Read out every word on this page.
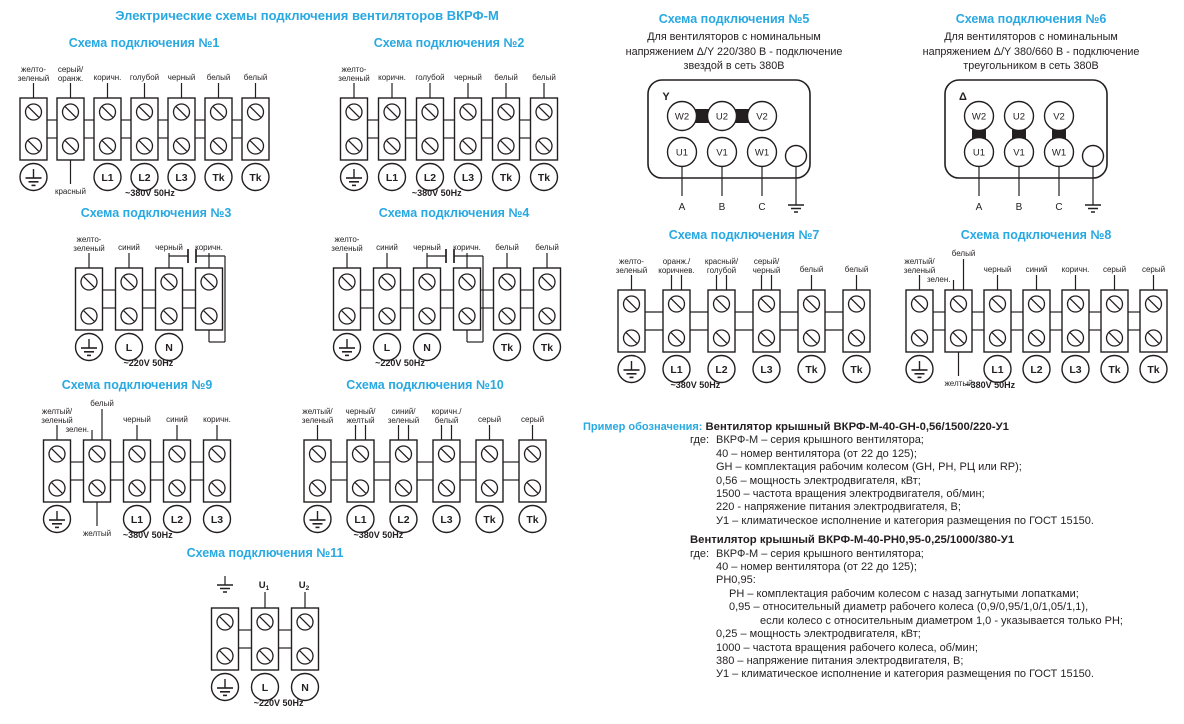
Электрические схемы подключения вентиляторов ВКРФ-М
Схема подключения №1
желто-
зеленый
серый/
оранж. коричн. голубой черный белый белый
красный
L1 L2 L3 Tk Tk
~380V 50Hz
Схема подключения №2
желто-
зеленый коричн. голубой черный белый белый
L1 L2 L3 Tk Tk
~380V 50Hz
Схема подключения №3
желто-
зеленый синий черный коричн.
L	N
~220V 50Hz
Схема подключения №4
желто-
зеленый синий черный коричн. белый белый
L	N	Tk	Tk
~220V 50Hz
Схема подключения №5
Для вентиляторов с номинальным
напряжением Δ/Y 220/380 В - подключение
звездой в сеть 380В
Y
W2	U2	V2
U1	V1	W1
A	B	C
Схема подключения №6
Для вентиляторов с номинальным
напряжением Δ/Y 380/660 В - подключение
треугольником в сеть 380В
Δ
W2	U2	V2
U1	V1	W1
A	B	C
Схема подключения №7
желто-
зеленый
оранж./
коричнев.
красный/
голубой
серый/
черный белый	белый
L1	L2	L3	Tk	Tk
~380V 50Hz
Схема подключения №8
желтый/
зеленый
зелен.
белый
черный синий коричн. серый серый
желтый
L1	L2	L3	Tk	Tk
~380V 50Hz
Схема подключения №9
желтый/
зеленый
зелен.
белый
черный синий коричн.
желтый
L1	L2	L3
~380V 50Hz
Схема подключения №10
желтый/
зеленый
черный/
желтый
синий/
зеленый
коричн./
белый серый серый
L1	L2	L3	Tk	Tk
~380V 50Hz
Схема подключения №11
$U_1$	$U_2$
L	N
~220V 50Hz
Пример обозначения: Вентилятор крышный ВКРФ-М-40-GH-0,56/1500/220-У1
где: ВКРФ-М – серия крышного вентилятора;
40 – номер вентилятора (от 22 до 125);
GH – комплектация рабочим колесом (GH, РН, РЦ или RP);
0,56 – мощность электродвигателя, кВт;
1500 – частота вращения электродвигателя, об/мин;
220 - напряжение питания электродвигателя, В;
У1 – климатическое исполнение и категория размещения по ГОСТ 15150.
Вентилятор крышный ВКРФ-М-40-РН0,95-0,25/1000/380-У1
где: ВКРФ-М – серия крышного вентилятора;
40 – номер вентилятора (от 22 до 125);
РН0,95:
РН – комплектация рабочим колесом с назад загнутыми лопатками;
0,95 – относительный диаметр рабочего колеса (0,9/0,95/1,0/1,05/1,1),
если колесо с относительным диаметром 1,0 - указывается только РН;
0,25 – мощность электродвигателя, кВт;
1000 – частота вращения рабочего колеса, об/мин;
380 – напряжение питания электродвигателя, В;
У1 – климатическое исполнение и категория размещения по ГОСТ 15150.
